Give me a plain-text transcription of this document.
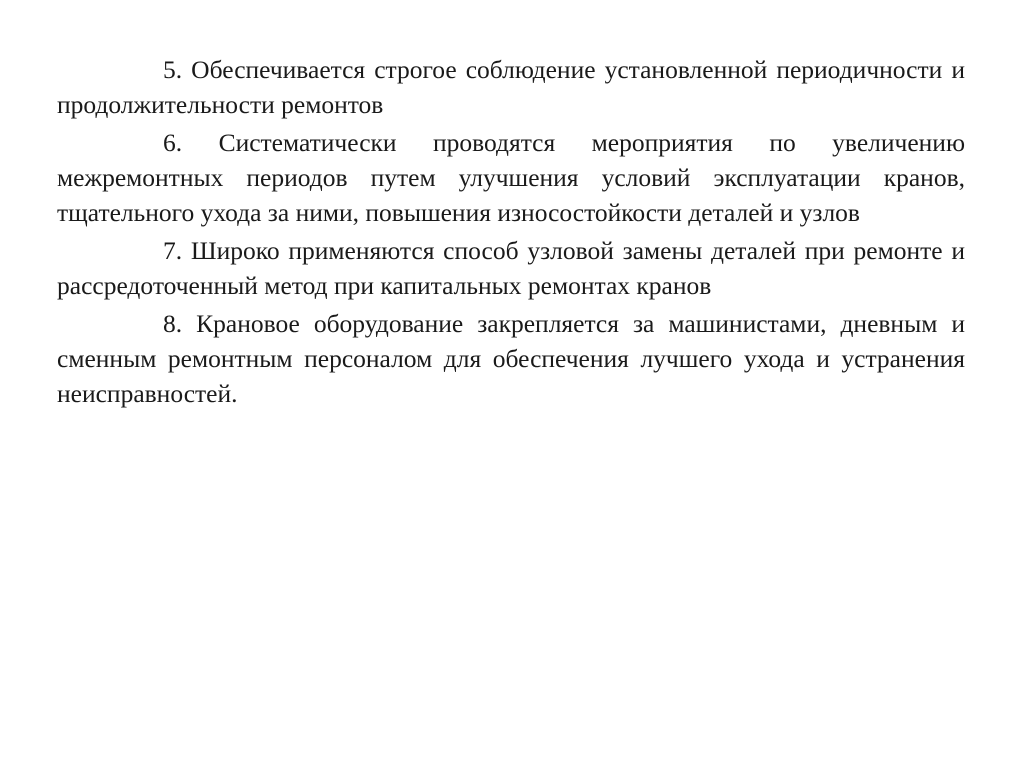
5. Обеспечивается строгое соблюдение установленной периодичности и продолжительности ремонтов

6. Систематически проводятся мероприятия по увеличению межремонтных периодов путем улучшения условий эксплуатации кранов, тщательного ухода за ними, повышения износостойкости деталей и узлов

7. Широко применяются способ узловой замены деталей при ремонте и рассредоточенный метод при капитальных ремонтах кранов

8. Крановое оборудование закрепляется за машинистами, дневным и сменным ремонтным персоналом для обеспечения лучшего ухода и устранения неисправностей.
